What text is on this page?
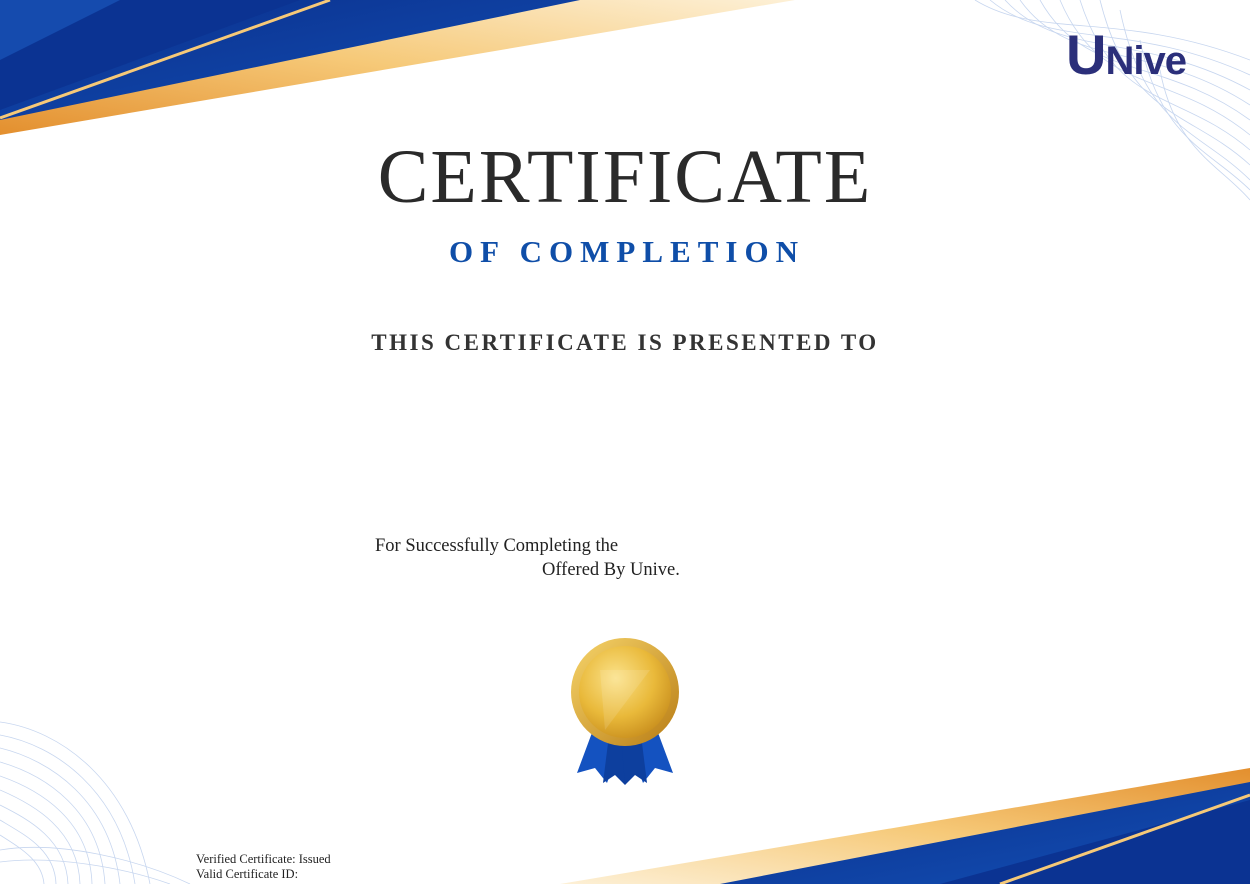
UNive
CERTIFICATE
OF COMPLETION
THIS CERTIFICATE IS PRESENTED TO
For Successfully Completing the
Offered By Unive.
Verified Certificate: Issued
Valid Certificate ID:
